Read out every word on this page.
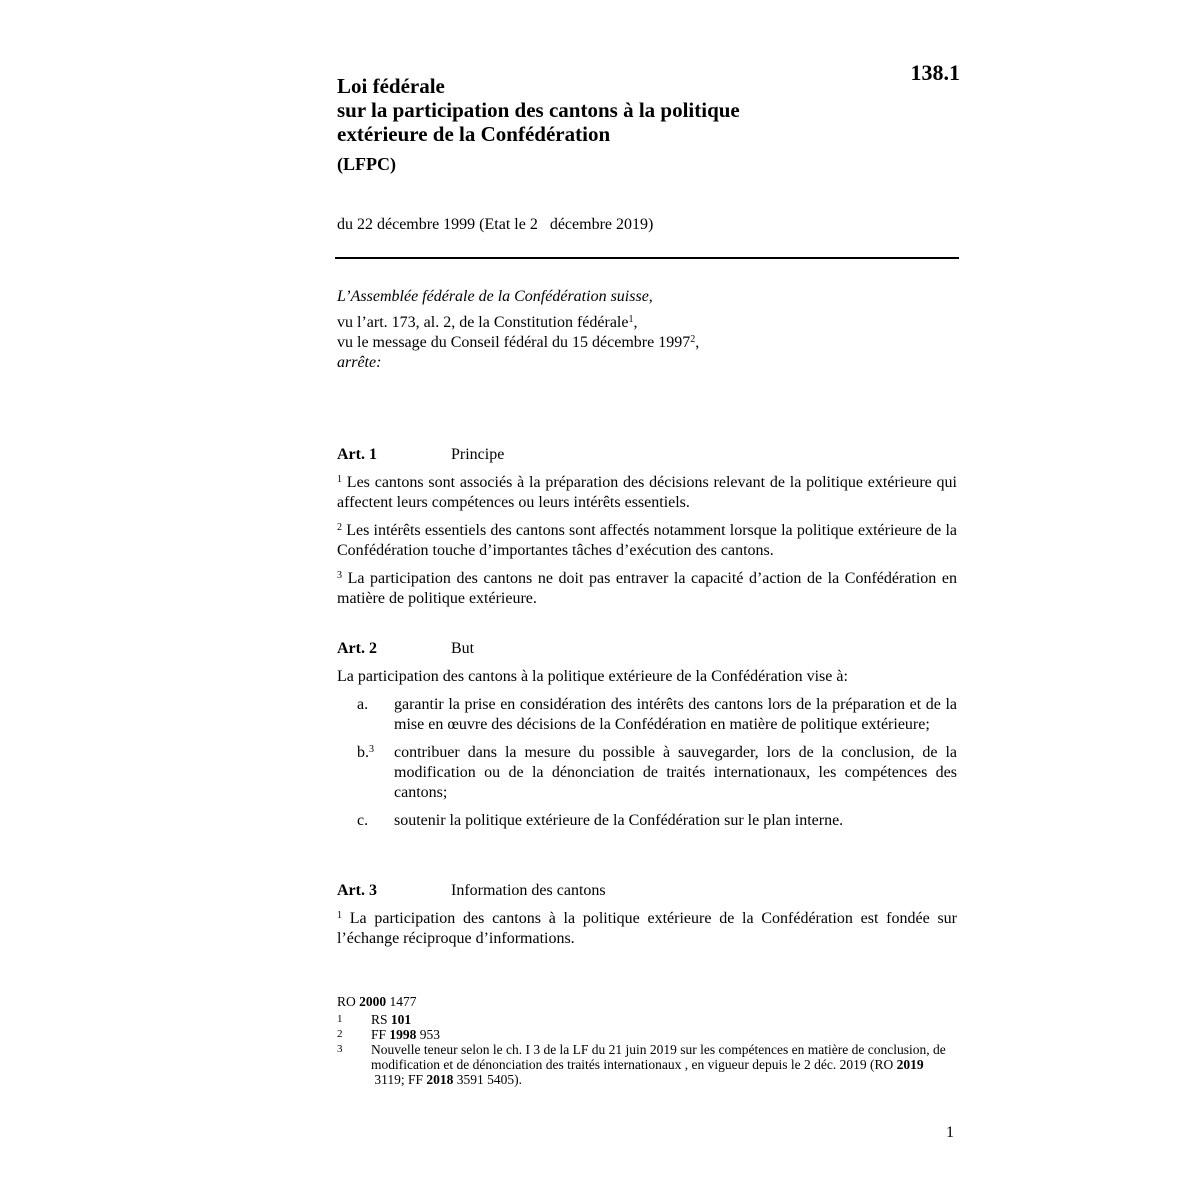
138.1
Loi fédérale
sur la participation des cantons à la politique
extérieure de la Confédération
(LFPC)
du 22 décembre 1999 (Etat le 2   décembre 2019)
L’Assemblée fédérale de la Confédération suisse,
vu l’art. 173, al. 2, de la Constitution fédérale$^1$,
vu le message du Conseil fédéral du 15 décembre 1997$^2$,
arrête:
Art. 1	Principe
$^1$ Les cantons sont associés à la préparation des décisions relevant de la politique extérieure qui affectent leurs compétences ou leurs intérêts essentiels.
$^2$ Les intérêts essentiels des cantons sont affectés notamment lorsque la politique extérieure de la Confédération touche d’importantes tâches d’exécution des cantons.
$^3$ La participation des cantons ne doit pas entraver la capacité d’action de la Confédération en matière de politique extérieure.
Art. 2	But
La participation des cantons à la politique extérieure de la Confédération vise à:
a.	garantir la prise en considération des intérêts des cantons lors de la préparation et de la mise en œuvre des décisions de la Confédération en matière de politique extérieure;
b.$^3$	contribuer dans la mesure du possible à sauvegarder, lors de la conclusion, de la modification ou de la dénonciation de traités internationaux, les compétences des cantons;
c.	soutenir la politique extérieure de la Confédération sur le plan interne.
Art. 3	Information des cantons
$^1$ La participation des cantons à la politique extérieure de la Confédération est fondée sur l’échange réciproque d’informations.
RO 2000 1477
1	RS 101
2	FF 1998 953
3	Nouvelle teneur selon le ch. I 3 de la LF du 21 juin 2019 sur les compétences en matière de conclusion, de modification et de dénonciation des traités internationaux , en vigueur depuis le 2 déc. 2019 (RO 2019 3119; FF 2018 3591 5405).
1
